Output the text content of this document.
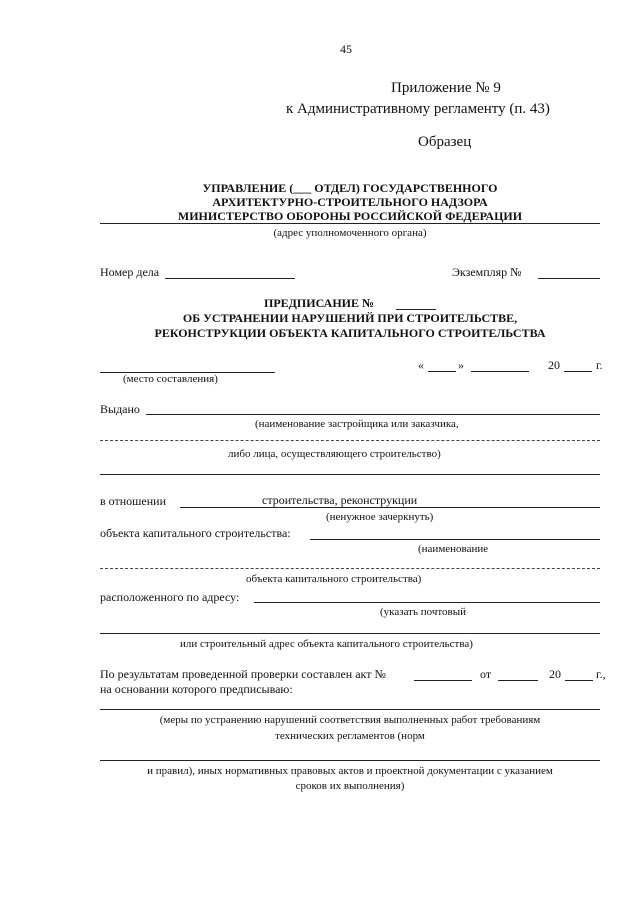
45
Приложение № 9
к Административному регламенту (п. 43)
Образец
УПРАВЛЕНИЕ (___ ОТДЕЛ) ГОСУДАРСТВЕННОГО
АРХИТЕКТУРНО-СТРОИТЕЛЬНОГО НАДЗОРА
МИНИСТЕРСТВО ОБОРОНЫ РОССИЙСКОЙ ФЕДЕРАЦИИ
(адрес уполномоченного органа)
Номер дела	Экземпляр №
ПРЕДПИСАНИЕ №
ОБ УСТРАНЕНИИ НАРУШЕНИЙ ПРИ СТРОИТЕЛЬСТВЕ,
РЕКОНСТРУКЦИИ ОБЪЕКТА КАПИТАЛЬНОГО СТРОИТЕЛЬСТВА
(место составления)
«	»	20	г.
Выдано
(наименование застройщика или заказчика,
либо лица, осуществляющего строительство)
в отношении	строительства, реконструкции
(ненужное зачеркнуть)
объекта капитального строительства:
(наименование
объекта капитального строительства)
расположенного по адресу:
(указать почтовый
или строительный адрес объекта капитального строительства)
По результатам проведенной проверки составлен акт №	от	20	г.,
на основании которого предписываю:
(меры по устранению нарушений соответствия выполненных работ требованиям
технических регламентов (норм
и правил), иных нормативных правовых актов и проектной документации с указанием
сроков их выполнения)
